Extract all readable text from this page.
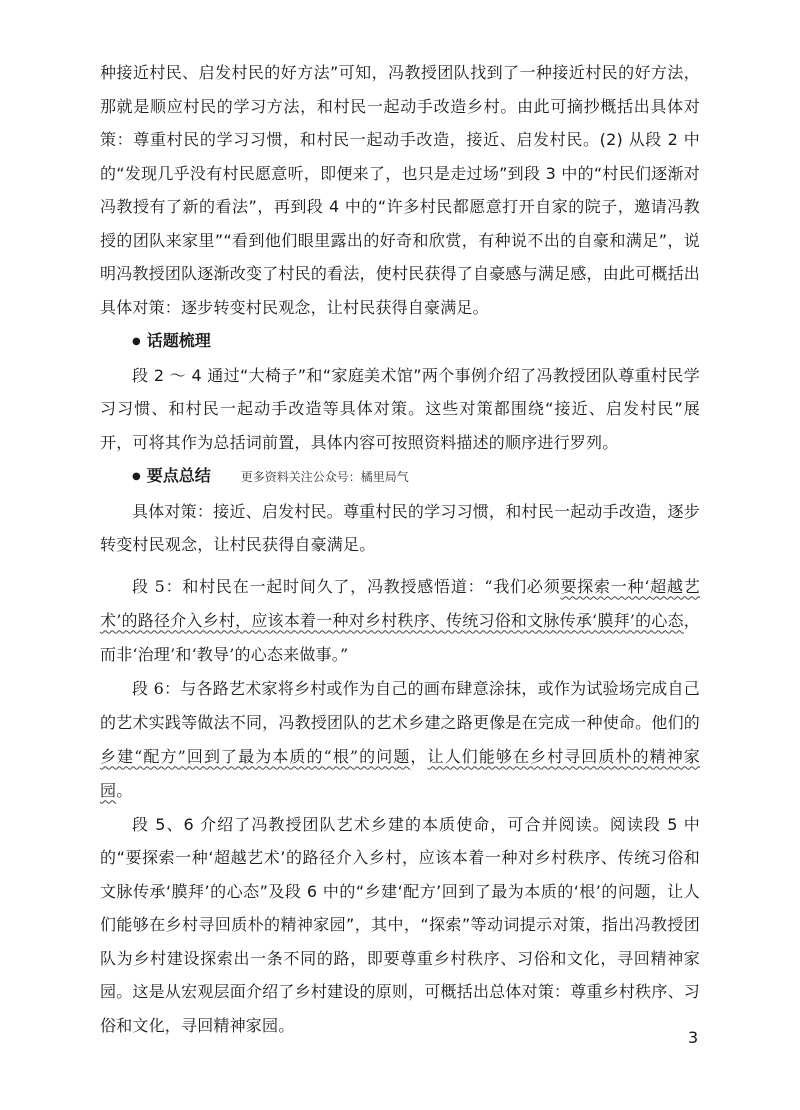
种接近村民、启发村民的好方法”可知，冯教授团队找到了一种接近村民的好方法，那就是顺应村民的学习方法，和村民一起动手改造乡村。由此可摘抄概括出具体对策：尊重村民的学习习惯，和村民一起动手改造，接近、启发村民。(2) 从段 2 中的“发现几乎没有村民愿意听，即便来了，也只是走过场”到段 3 中的“村民们逐渐对冯教授有了新的看法”，再到段 4 中的“许多村民都愿意打开自家的院子，邀请冯教授的团队来家里”“看到他们眼里露出的好奇和欣赏，有种说不出的自豪和满足”，说明冯教授团队逐渐改变了村民的看法，使村民获得了自豪感与满足感，由此可概括出具体对策：逐步转变村民观念，让村民获得自豪满足。

● 话题梳理

段 2 ～ 4 通过“大椅子”和“家庭美术馆”两个事例介绍了冯教授团队尊重村民学习习惯、和村民一起动手改造等具体对策。这些对策都围绕“接近、启发村民”展开，可将其作为总括词前置，具体内容可按照资料描述的顺序进行罗列。

● 要点总结	更多资料关注公众号：橘里局气

具体对策：接近、启发村民。尊重村民的学习习惯，和村民一起动手改造，逐步转变村民观念，让村民获得自豪满足。

段 5：和村民在一起时间久了，冯教授感悟道：“我们必须要探索一种‘超越艺术’的路径介入乡村，应该本着一种对乡村秩序、传统习俗和文脉传承‘膜拜’的心态，而非‘治理’和‘教导’的心态来做事。”

段 6：与各路艺术家将乡村或作为自己的画布肆意涂抹，或作为试验场完成自己的艺术实践等做法不同，冯教授团队的艺术乡建之路更像是在完成一种使命。他们的乡建“配方”回到了最为本质的“根”的问题，让人们能够在乡村寻回质朴的精神家园。

段 5、6 介绍了冯教授团队艺术乡建的本质使命，可合并阅读。阅读段 5 中的“要探索一种‘超越艺术’的路径介入乡村，应该本着一种对乡村秩序、传统习俗和文脉传承‘膜拜’的心态”及段 6 中的“乡建‘配方’回到了最为本质的‘根’的问题，让人们能够在乡村寻回质朴的精神家园”，其中，“探索”等动词提示对策，指出冯教授团队为乡村建设探索出一条不同的路，即要尊重乡村秩序、习俗和文化，寻回精神家园。这是从宏观层面介绍了乡村建设的原则，可概括出总体对策：尊重乡村秩序、习俗和文化，寻回精神家园。

3
